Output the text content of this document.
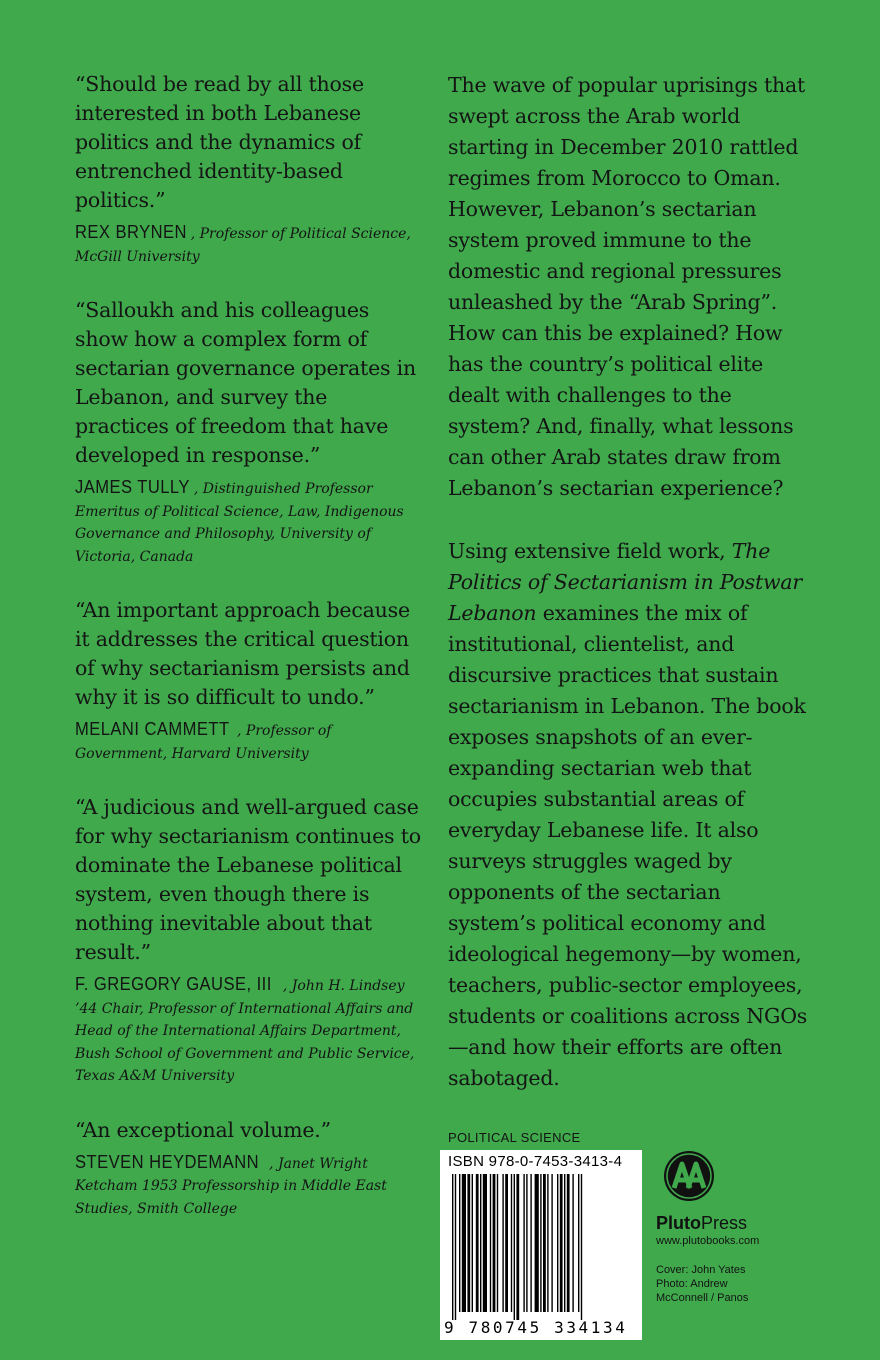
“Should be read by all those interested in both Lebanese politics and the dynamics of entrenched identity-based politics.”

REX BRYNEN , Professor of Political Science, McGill University

“Salloukh and his colleagues show how a complex form of sectarian governance operates in Lebanon, and survey the practices of freedom that have developed in response.”

JAMES TULLY , Distinguished Professor Emeritus of Political Science, Law, Indigenous Governance and Philosophy, University of Victoria, Canada

“An important approach because it addresses the critical question of why sectarianism persists and why it is so difficult to undo.”

MELANI CAMMETT , Professor of Government, Harvard University

“A judicious and well-argued case for why sectarianism continues to dominate the Lebanese political system, even though there is nothing inevitable about that result.”

F. GREGORY GAUSE, III , John H. Lindsey ’44 Chair, Professor of International Affairs and Head of the International Affairs Department, Bush School of Government and Public Service, Texas A&M University

“An exceptional volume.”

STEVEN HEYDEMANN , Janet Wright Ketcham 1953 Professorship in Middle East Studies, Smith College

The wave of popular uprisings that swept across the Arab world starting in December 2010 rattled regimes from Morocco to Oman. However, Lebanon’s sectarian system proved immune to the domestic and regional pressures unleashed by the “Arab Spring”. How can this be explained? How has the country’s political elite dealt with challenges to the system? And, finally, what lessons can other Arab states draw from Lebanon’s sectarian experience?

Using extensive field work, The Politics of Sectarianism in Postwar Lebanon examines the mix of institutional, clientelist, and discursive practices that sustain sectarianism in Lebanon. The book exposes snapshots of an ever-expanding sectarian web that occupies substantial areas of everyday Lebanese life. It also surveys struggles waged by opponents of the sectarian system’s political economy and ideological hegemony—by women, teachers, public-sector employees, students or coalitions across NGOs—and how their efforts are often sabotaged.

POLITICAL SCIENCE
ISBN 978-0-7453-3413-4
9 780745 334134
PlutoPress
www.plutobooks.com
Cover: John Yates
Photo: Andrew
McConnell / Panos
